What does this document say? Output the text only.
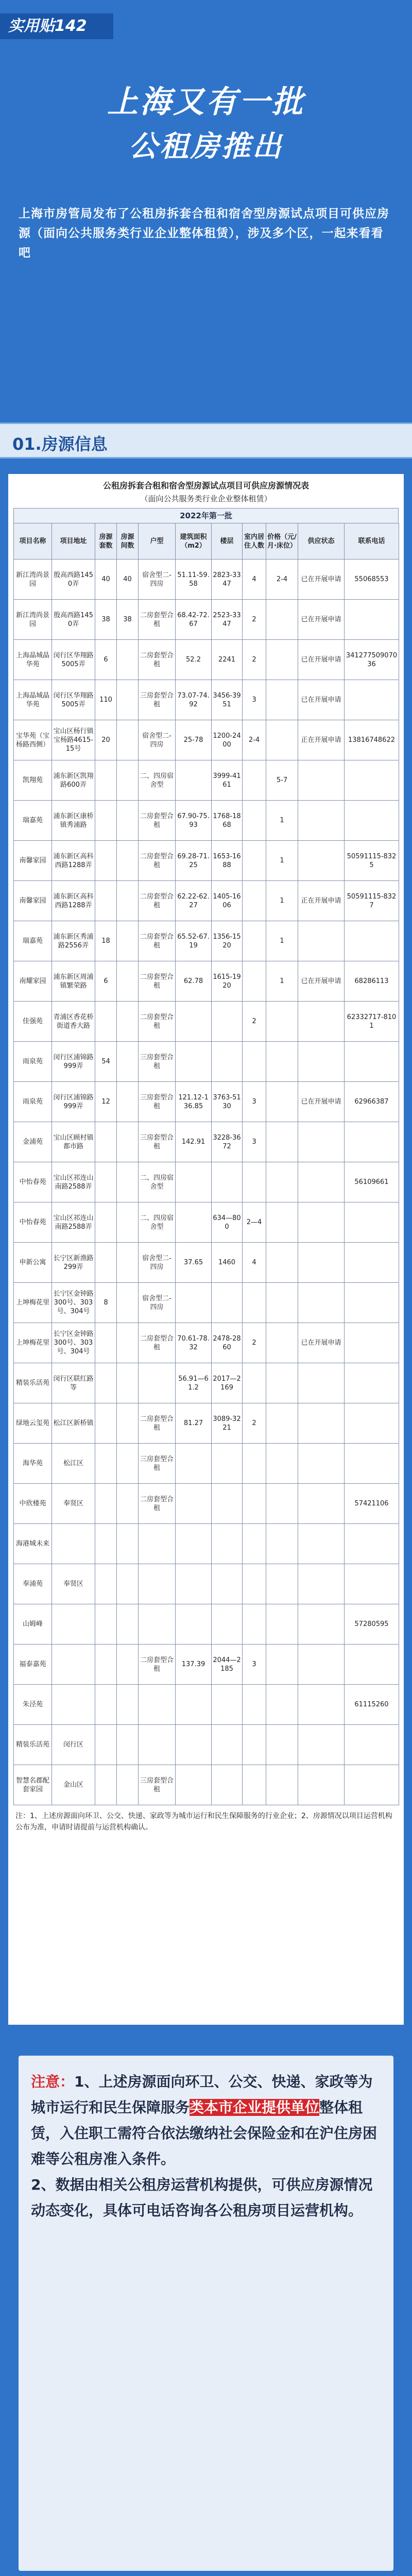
实用贴142
上海又有一批
公租房推出
上海市房管局发布了公租房拆套合租和宿舍型房源试点项目可供应房源（面向公共服务类行业企业整体租赁），涉及多个区，一起来看看吧
01.房源信息
公租房拆套合租和宿舍型房源试点项目可供应房源情况表
（面向公共服务类行业企业整体租赁）
2022年第一批
项目名称	项目地址	房源套数	房源间数	户型	建筑面积（m2）	楼层	室内居住人数	价格（元/月·床位）	供应状态	联系电话
新江湾尚景园	殷高西路1450弄	40	40	宿舍型二-四房	51.11-59.58	2823-3347	4	2-4	已在开展申请	55068553
新江湾尚景园	殷高西路1450弄	38	38	二房套型合租	68.42-72.67	2523-3347	2		已在开展申请	
上海晶城晶华苑	闵行区华翔路5005弄	6		二房套型合租	52.2	2241	2		已在开展申请	34127750907036
上海晶城晶华苑	闵行区华翔路5005弄	110		三房套型合租	73.07-74.92	3456-3951	3		已在开展申请	
宝华苑（宝杨路西侧）	宝山区杨行镇宝杨路4615-15号	20		宿舍型二-四房	25-78	1200-2400	2-4		正在开展申请	13816748622
凯翔苑	浦东新区凯翔路600弄			二、四房宿舍型		3999-4161		5-7		
瑞嘉苑	浦东新区康桥镇秀浦路			二房套型合租	67.90-75.93	1768-1868		1		
南馨家园	浦东新区高科西路1288弄			二房套型合租	69.28-71.25	1653-1688		1		50591115-8325
南馨家园	浦东新区高科西路1288弄			二房套型合租	62.22-62.27	1405-1606		1	正在开展申请	50591115-8327
瑞嘉苑	浦东新区秀浦路2556弄	18		二房套型合租	65.52-67.19	1356-1520		1		
南耀家园	浦东新区周浦镇繁荣路	6		二房套型合租	62.78	1615-1920		1	已在开展申请	68286113
佳强苑	青浦区香花桥街道香大路			二房套型合租			2			62332717-8101
雨泉苑	闵行区浦锦路999弄	54		三房套型合租						
雨泉苑	闵行区浦锦路999弄	12		三房套型合租	121.12-136.85	3763-5130	3		已在开展申请	62966387
金浦苑	宝山区顾村镇都市路			三房套型合租	142.91	3228-3672	3			
中怡春苑	宝山区祁连山南路2588弄			二、四房宿舍型						56109661
中怡春苑	宝山区祁连山南路2588弄			二、四房宿舍型		634—800	2—4			
申新公寓	长宁区新渔路299弄			宿舍型二-四房	37.65	1460	4			
上坤梅花里	长宁区金钟路300号、303号、304号	8		宿舍型二-四房						
上坤梅花里	长宁区金钟路300号、303号、304号			二房套型合租	70.61-78.32	2478-2860	2		已在开展申请	
精装乐活苑	闵行区联红路等				56.91—61.2	2017—2169				
绿地云玺苑	松江区新桥镇			二房套型合租	81.27	3089-3221	2			
海华苑	松江区			三房套型合租						
中欣楼苑	奉贤区			二房套型合租						57421106
海港城未来										
奉浦苑	奉贤区									
山姆峰										57280595
福泰嘉苑				二房套型合租	137.39	2044—2185	3			
朱泾苑										61115260
精装乐活苑	闵行区									
智慧名郡配套家园	金山区			三房套型合租						
注：1、上述房源面向环卫、公交、快递、家政等为城市运行和民生保障服务的行业企业；2、房源情况以项目运营机构公布为准，申请时请提前与运营机构确认。
注意：1、上述房源面向环卫、公交、快递、家政等为城市运行和民生保障服务类本市企业提供单位整体租赁，入住职工需符合依法缴纳社会保险金和在沪住房困难等公租房准入条件。
2、数据由相关公租房运营机构提供，可供应房源情况动态变化，具体可电话咨询各公租房项目运营机构。
